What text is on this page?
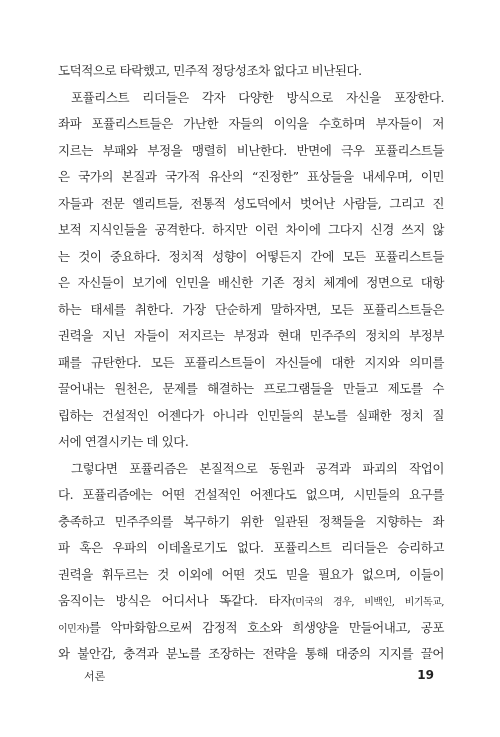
도덕적으로 타락했고, 민주적 정당성조차 없다고 비난된다.
포퓰리스트 리더들은 각자 다양한 방식으로 자신을 포장한다.
좌파 포퓰리스트들은 가난한 자들의 이익을 수호하며 부자들이 저
지르는 부패와 부정을 맹렬히 비난한다. 반면에 극우 포퓰리스트들
은 국가의 본질과 국가적 유산의 “진정한” 표상들을 내세우며, 이민
자들과 전문 엘리트들, 전통적 성도덕에서 벗어난 사람들, 그리고 진
보적 지식인들을 공격한다. 하지만 이런 차이에 그다지 신경 쓰지 않
는 것이 중요하다. 정치적 성향이 어떻든지 간에 모든 포퓰리스트들
은 자신들이 보기에 인민을 배신한 기존 정치 체계에 정면으로 대항
하는 태세를 취한다. 가장 단순하게 말하자면, 모든 포퓰리스트들은
권력을 지닌 자들이 저지르는 부정과 현대 민주주의 정치의 부정부
패를 규탄한다. 모든 포퓰리스트들이 자신들에 대한 지지와 의미를
끌어내는 원천은, 문제를 해결하는 프로그램들을 만들고 제도를 수
립하는 건설적인 어젠다가 아니라 인민들의 분노를 실패한 정치 질
서에 연결시키는 데 있다.
그렇다면 포퓰리즘은 본질적으로 동원과 공격과 파괴의 작업이
다. 포퓰리즘에는 어떤 건설적인 어젠다도 없으며, 시민들의 요구를
충족하고 민주주의를 복구하기 위한 일관된 정책들을 지향하는 좌
파 혹은 우파의 이데올로기도 없다. 포퓰리스트 리더들은 승리하고
권력을 휘두르는 것 이외에 어떤 것도 믿을 필요가 없으며, 이들이
움직이는 방식은 어디서나 똑같다. 타자(미국의 경우, 비백인, 비기독교,
이민자)를 악마화함으로써 감정적 호소와 희생양을 만들어내고, 공포
와 불안감, 충격과 분노를 조장하는 전략을 통해 대중의 지지를 끌어
서론	19
